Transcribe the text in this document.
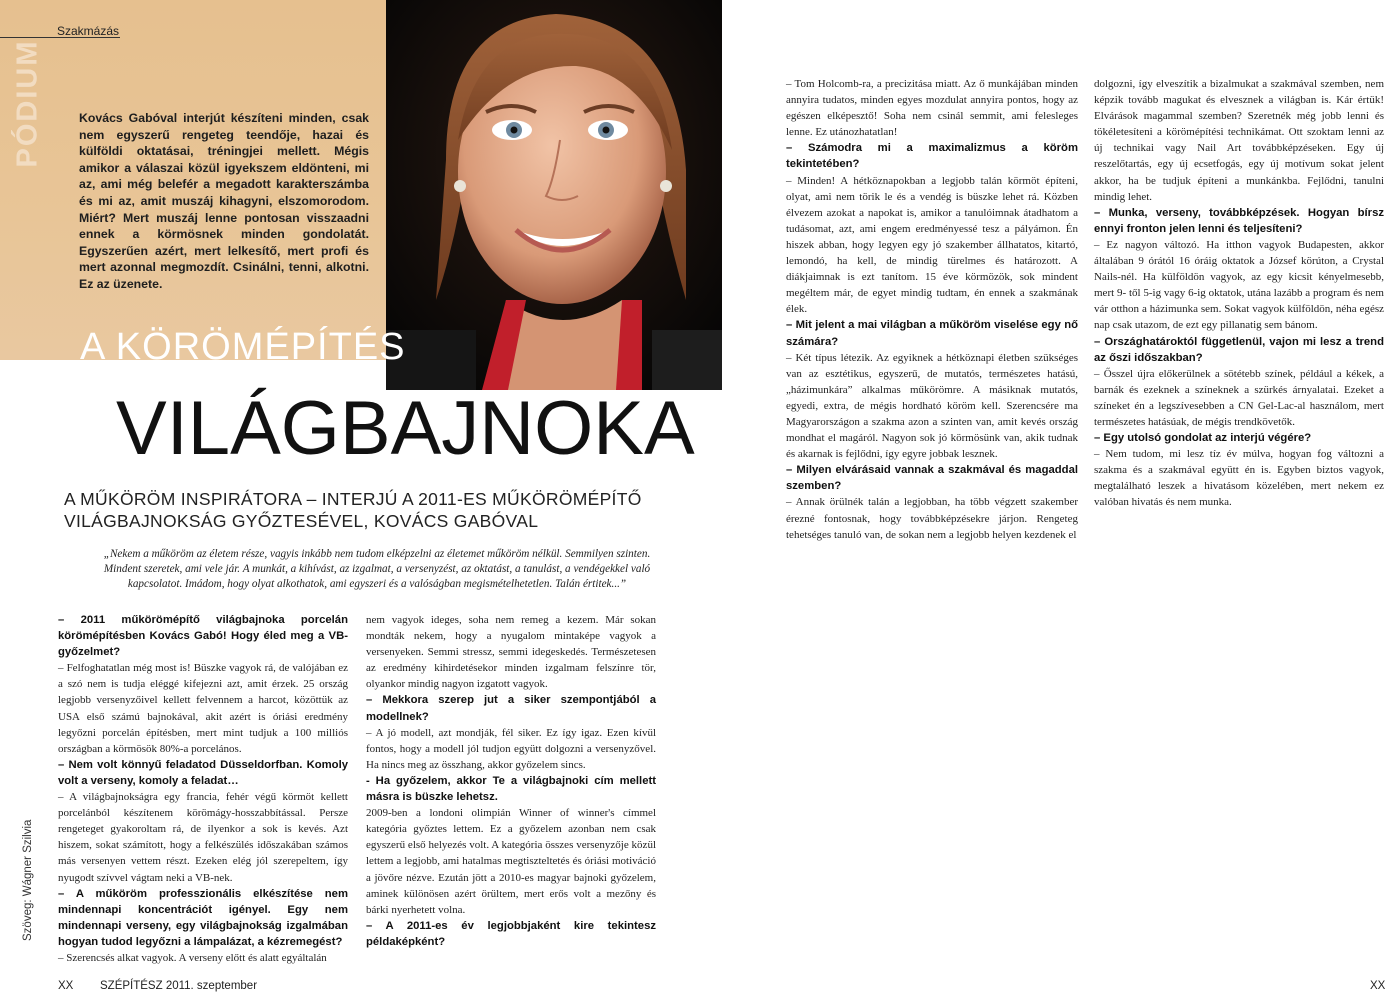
Szakmázás
PÓDIUM	Kovács Gabóval interjút készíteni minden, csak nem egyszerű rengeteg teendője, hazai és külföldi oktatásai, tréningjei mellett. Mégis amikor a válaszai közül igyekszem eldönteni, mi az, ami még belefér a megadott karakterszámba és mi az, amit muszáj kihagyni, elszomorodom. Miért? Mert muszáj lenne pontosan visszaadni ennek a körmösnek minden gondolatát. Egyszerűen azért, mert lelkesítő, mert profi és mert azonnal megmozdít. Csinálni, tenni, alkotni. Ez az üzenete.
A KÖRÖMÉPÍTÉS
VILÁGBAJNOKA
A MŰKÖRÖM INSPIRÁTORA – INTERJÚ A 2011-ES MŰKÖRÖMÉPÍTŐ VILÁGBAJNOKSÁG GYŐZTESÉVEL, KOVÁCS GABÓVAL
„Nekem a műköröm az életem része, vagyis inkább nem tudom elképzelni az életemet műköröm nélkül. Semmilyen szinten. Mindent szeretek, ami vele jár. A munkát, a kihívást, az izgalmat, a versenyzést, az oktatást, a tanulást, a vendégekkel való kapcsolatot. Imádom, hogy olyat alkothatok, ami egyszeri és a valóságban megismételhetetlen. Talán értitek...”

– 2011 műkörömépítő világbajnoka porcelán körömépítésben Kovács Gabó! Hogy éled meg a VB-győzelmet?

– Felfoghatatlan még most is! Büszke vagyok rá, de valójában ez a szó nem is tudja eléggé kifejezni azt, amit érzek. 25 ország legjobb versenyzőivel kellett felvennem a harcot, közöttük az USA első számú bajnokával, akit azért is óriási eredmény legyőzni porcelán építésben, mert mint tudjuk a 100 milliós országban a körmösök 80%-a porcelános.

– Nem volt könnyű feladatod Düsseldorfban. Komoly volt a verseny, komoly a feladat…

– A világbajnokságra egy francia, fehér végű körmöt kellett porcelánból készítenem körömágy-hosszabbítással. Persze rengeteget gyakoroltam rá, de ilyenkor a sok is kevés. Azt hiszem, sokat számított, hogy a felkészülés időszakában számos más versenyen vettem részt. Ezeken elég jól szerepeltem, így nyugodt szívvel vágtam neki a VB-nek.

– A műköröm professzionális elkészítése nem mindennapi koncentrációt igényel. Egy nem mindennapi verseny, egy világbajnokság izgalmában hogyan tudod legyőzni a lámpalázat, a kézremegést?

– Szerencsés alkat vagyok. A verseny előtt és alatt egyáltalán

nem vagyok ideges, soha nem remeg a kezem. Már sokan mondták nekem, hogy a nyugalom mintaképe vagyok a versenyeken. Semmi stressz, semmi idegeskedés. Természetesen az eredmény kihirdetésekor minden izgalmam felszínre tör, olyankor mindig nagyon izgatott vagyok.

– Mekkora szerep jut a siker szempontjából a modellnek?

– A jó modell, azt mondják, fél siker. Ez így igaz. Ezen kívül fontos, hogy a modell jól tudjon együtt dolgozni a versenyzővel. Ha nincs meg az összhang, akkor győzelem sincs.

- Ha győzelem, akkor Te a világbajnoki cím mellett másra is büszke lehetsz.

2009-ben a londoni olimpián Winner of winner's címmel kategória győztes lettem. Ez a győzelem azonban nem csak egyszerű első helyezés volt. A kategória összes versenyzője közül lettem a legjobb, ami hatalmas megtiszteltetés és óriási motiváció a jövőre nézve. Ezután jött a 2010-es magyar bajnoki győzelem, aminek különösen azért örültem, mert erős volt a mezőny és bárki nyerhetett volna.

– A 2011-es év legjobbjaként kire tekintesz példaképként?

– Tom Holcomb-ra, a precizitása miatt. Az ő munkájában minden annyira tudatos, minden egyes mozdulat annyira pontos, hogy az egészen elképesztő! Soha nem csinál semmit, ami felesleges lenne. Ez utánozhatatlan!

– Számodra mi a maximalizmus a köröm tekintetében?

– Minden! A hétköznapokban a legjobb talán körmöt építeni, olyat, ami nem törik le és a vendég is büszke lehet rá. Közben élvezem azokat a napokat is, amikor a tanulóimnak átadhatom a tudásomat, azt, ami engem eredményessé tesz a pályámon. Én hiszek abban, hogy legyen egy jó szakember állhatatos, kitartó, lemondó, ha kell, de mindig türelmes és határozott. A diákjaimnak is ezt tanítom. 15 éve körmözök, sok mindent megéltem már, de egyet mindig tudtam, én ennek a szakmának élek.

– Mit jelent a mai világban a műköröm viselése egy nő számára?

– Két típus létezik. Az egyiknek a hétköznapi életben szükséges van az esztétikus, egyszerű, de mutatós, természetes hatású, „házimunkára” alkalmas műkörömre. A másiknak mutatós, egyedi, extra, de mégis hordható köröm kell. Szerencsére ma Magyarországon a szakma azon a szinten van, amit kevés ország mondhat el magáról. Nagyon sok jó körmösünk van, akik tudnak és akarnak is fejlődni, így egyre jobbak lesznek.

– Milyen elvárásaid vannak a szakmával és magaddal szemben?

– Annak örülnék talán a legjobban, ha több végzett szakember érezné fontosnak, hogy továbbképzésekre járjon. Rengeteg tehetséges tanuló van, de sokan nem a legjobb helyen kezdenek el

dolgozni, így elveszítik a bizalmukat a szakmával szemben, nem képzik tovább magukat és elvesznek a világban is. Kár értük! Elvárások magammal szemben? Szeretnék még jobb lenni és tökéletesíteni a körömépítési technikámat. Ott szoktam lenni az új technikai vagy Nail Art továbbképzéseken. Egy új reszelőtartás, egy új ecsetfogás, egy új motívum sokat jelent akkor, ha be tudjuk építeni a munkánkba. Fejlődni, tanulni mindig lehet.

– Munka, verseny, továbbképzések. Hogyan bírsz ennyi fronton jelen lenni és teljesíteni?

– Ez nagyon változó. Ha itthon vagyok Budapesten, akkor általában 9 órától 16 óráig oktatok a József körúton, a Crystal Nails-nél. Ha külföldön vagyok, az egy kicsit kényelmesebb, mert 9- től 5-ig vagy 6-ig oktatok, utána lazább a program és nem vár otthon a házimunka sem. Sokat vagyok külföldön, néha egész nap csak utazom, de ezt egy pillanatig sem bánom.

– Országhatároktól függetlenül, vajon mi lesz a trend az őszi időszakban?

– Ősszel újra előkerülnek a sötétebb színek, például a kékek, a barnák és ezeknek a színeknek a szürkés árnyalatai. Ezeket a színeket én a legszívesebben a CN Gel-Lac-al használom, mert természetes hatásúak, de mégis trendkövetők.

– Egy utolsó gondolat az interjú végére?

– Nem tudom, mi lesz tíz év múlva, hogyan fog változni a szakma és a szakmával együtt én is. Egyben biztos vagyok, megtalálható leszek a hivatásom közelében, mert nekem ez valóban hivatás és nem munka.

Szöveg: Wágner Szilvia
XX SZÉPÍTÉSZ 2011. szeptember	XX
